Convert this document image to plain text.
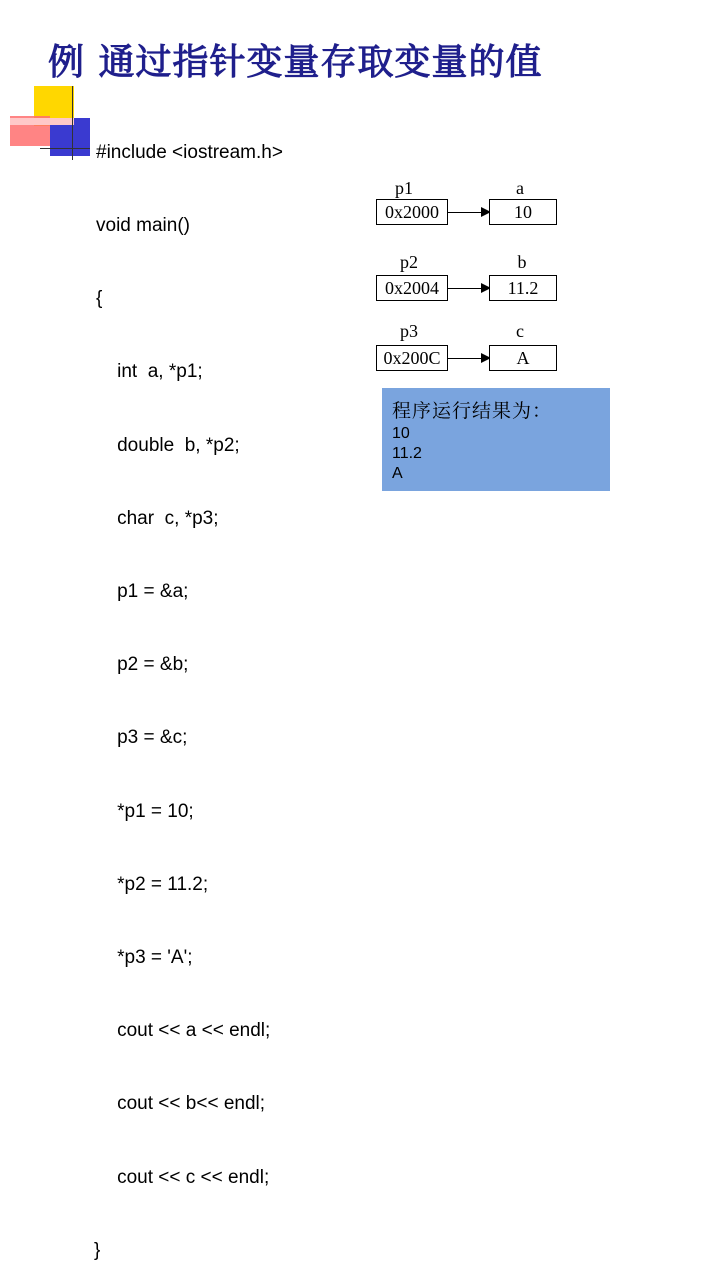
例 通过指针变量存取变量的值

#include <iostream.h>

void main()

{

int  a, *p1;

double  b, *p2;

char  c, *p3;

p1 = &a;

p2 = &b;

p3 = &c;

*p1 = 10;

*p2 = 11.2;

*p3 = 'A';

cout << a << endl;

cout << b<< endl;

cout << c << endl;

}

p1	a
0x2000	10
p2	b
0x2004	11.2
p3	c
0x200C	A
程序运行结果为：
10
11.2
A
